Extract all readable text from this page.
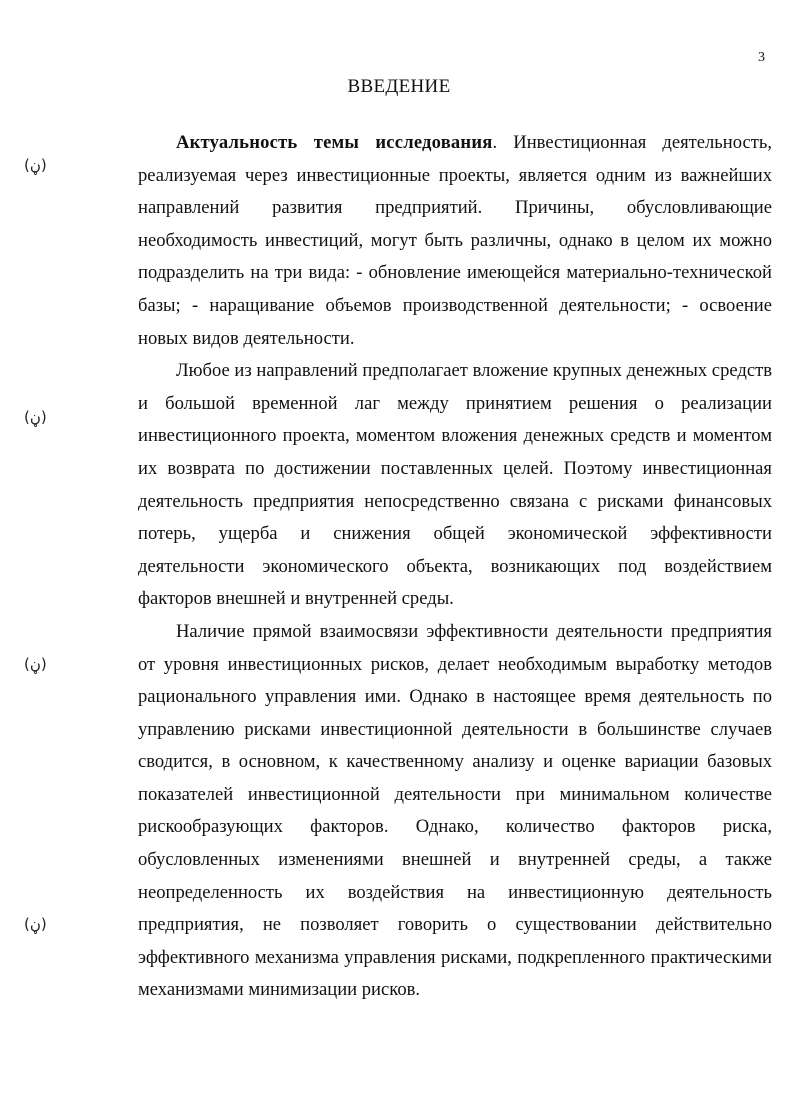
3
ВВЕДЕНИЕ
(ڼ)
(ڼ)
(ڼ)
(ڼ)

Актуальность темы исследования. Инвестиционная деятельность, реализуемая через инвестиционные проекты, является одним из важнейших направлений развития предприятий. Причины, обусловливающие необходимость инвестиций, могут быть различны, однако в целом их можно подразделить на три вида: - обновление имеющейся материально-технической базы; - наращивание объемов производственной деятельности; - освоение новых видов деятельности.

Любое из направлений предполагает вложение крупных денежных средств и большой временной лаг между принятием решения о реализации инвестиционного проекта, моментом вложения денежных средств и моментом их возврата по достижении поставленных целей. Поэтому инвестиционная деятельность предприятия непосредственно связана с рисками финансовых потерь, ущерба и снижения общей экономической эффективности деятельности экономического объекта, возникающих под воздействием факторов внешней и внутренней среды.

Наличие прямой взаимосвязи эффективности деятельности предприятия от уровня инвестиционных рисков, делает необходимым выработку методов рационального управления ими. Однако в настоящее время деятельность по управлению рисками инвестиционной деятельности в большинстве случаев сводится, в основном, к качественному анализу и оценке вариации базовых показателей инвестиционной деятельности при минимальном количестве рискообразующих факторов. Однако, количество факторов риска, обусловленных изменениями внешней и внутренней среды, а также неопределенность их воздействия на инвестиционную деятельность предприятия, не позволяет говорить о существовании действительно эффективного механизма управления рисками, подкрепленного практическими механизмами минимизации рисков.
